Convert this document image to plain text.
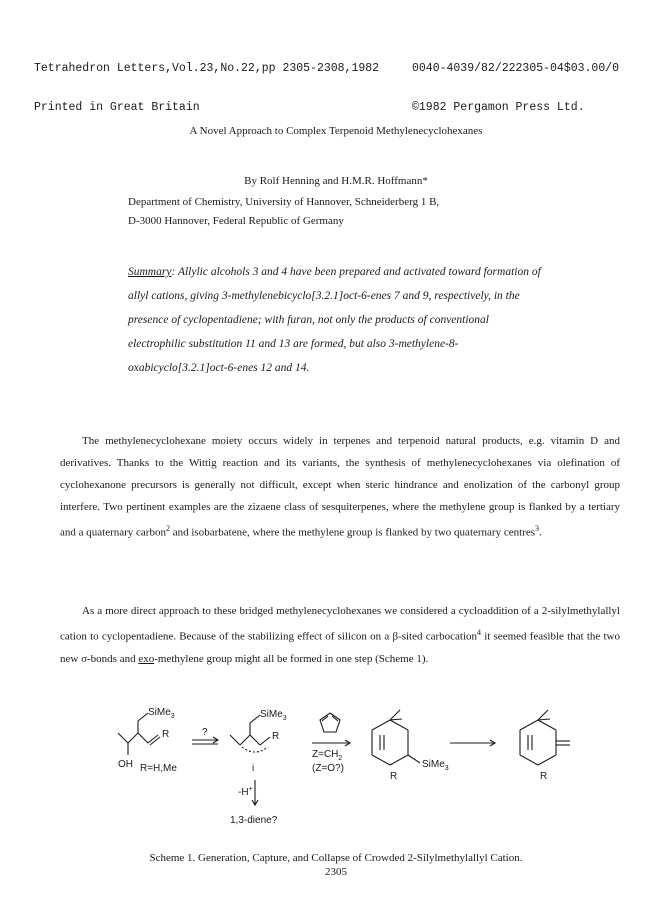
Tetrahedron Letters,Vol.23,No.22,pp 2305-2308,1982

Printed in Great Britain

0040-4039/82/222305-04$03.00/0

©1982 Pergamon Press Ltd.

A Novel Approach to Complex Terpenoid Methylenecyclohexanes
By Rolf Henning and H.M.R. Hoffmann*
Department of Chemistry, University of Hannover, Schneiderberg 1 B,
D-3000 Hannover, Federal Republic of Germany
Summary: Allylic alcohols 3 and 4 have been prepared and activated toward formation of allyl cations, giving 3-methylenebicyclo[3.2.1]oct-6-enes 7 and 9, respectively, in the presence of cyclopentadiene; with furan, not only the products of conventional electrophilic substitution 11 and 13 are formed, but also 3-methylene-8-oxabicyclo[3.2.1]oct-6-enes 12 and 14.
The methylenecyclohexane moiety occurs widely in terpenes and terpenoid natural products, e.g. vitamin D and derivatives. Thanks to the Wittig reaction and its variants, the synthesis of methylenecyclohexanes via olefination of cyclohexanone precursors is generally not difficult, except when steric hindrance and enolization of the carbonyl group interfere. Two pertinent examples are the zizaene class of sesquiterpenes, where the methylene group is flanked by a tertiary and a quaternary carbon$^2$ and isobarbatene, where the methylene group is flanked by two quaternary centres$^3$.
As a more direct approach to these bridged methylenecyclohexanes we considered a cycloaddition of a 2-silylmethylallyl cation to cyclopentadiene. Because of the stabilizing effect of silicon on a β-sited carbocation$^4$ it seemed feasible that the two new σ-bonds and exo-methylene group might all be formed in one step (Scheme 1).
SiMe$_3$
R
OH R=H,Me
?
SiMe$_3$
R
i
-H+
1,3-diene?
$Z=CH_2$
(Z=O?)	SiMe$_3$
R	R
Scheme 1. Generation, Capture, and Collapse of Crowded 2-Silylmethylallyl Cation.
2305
